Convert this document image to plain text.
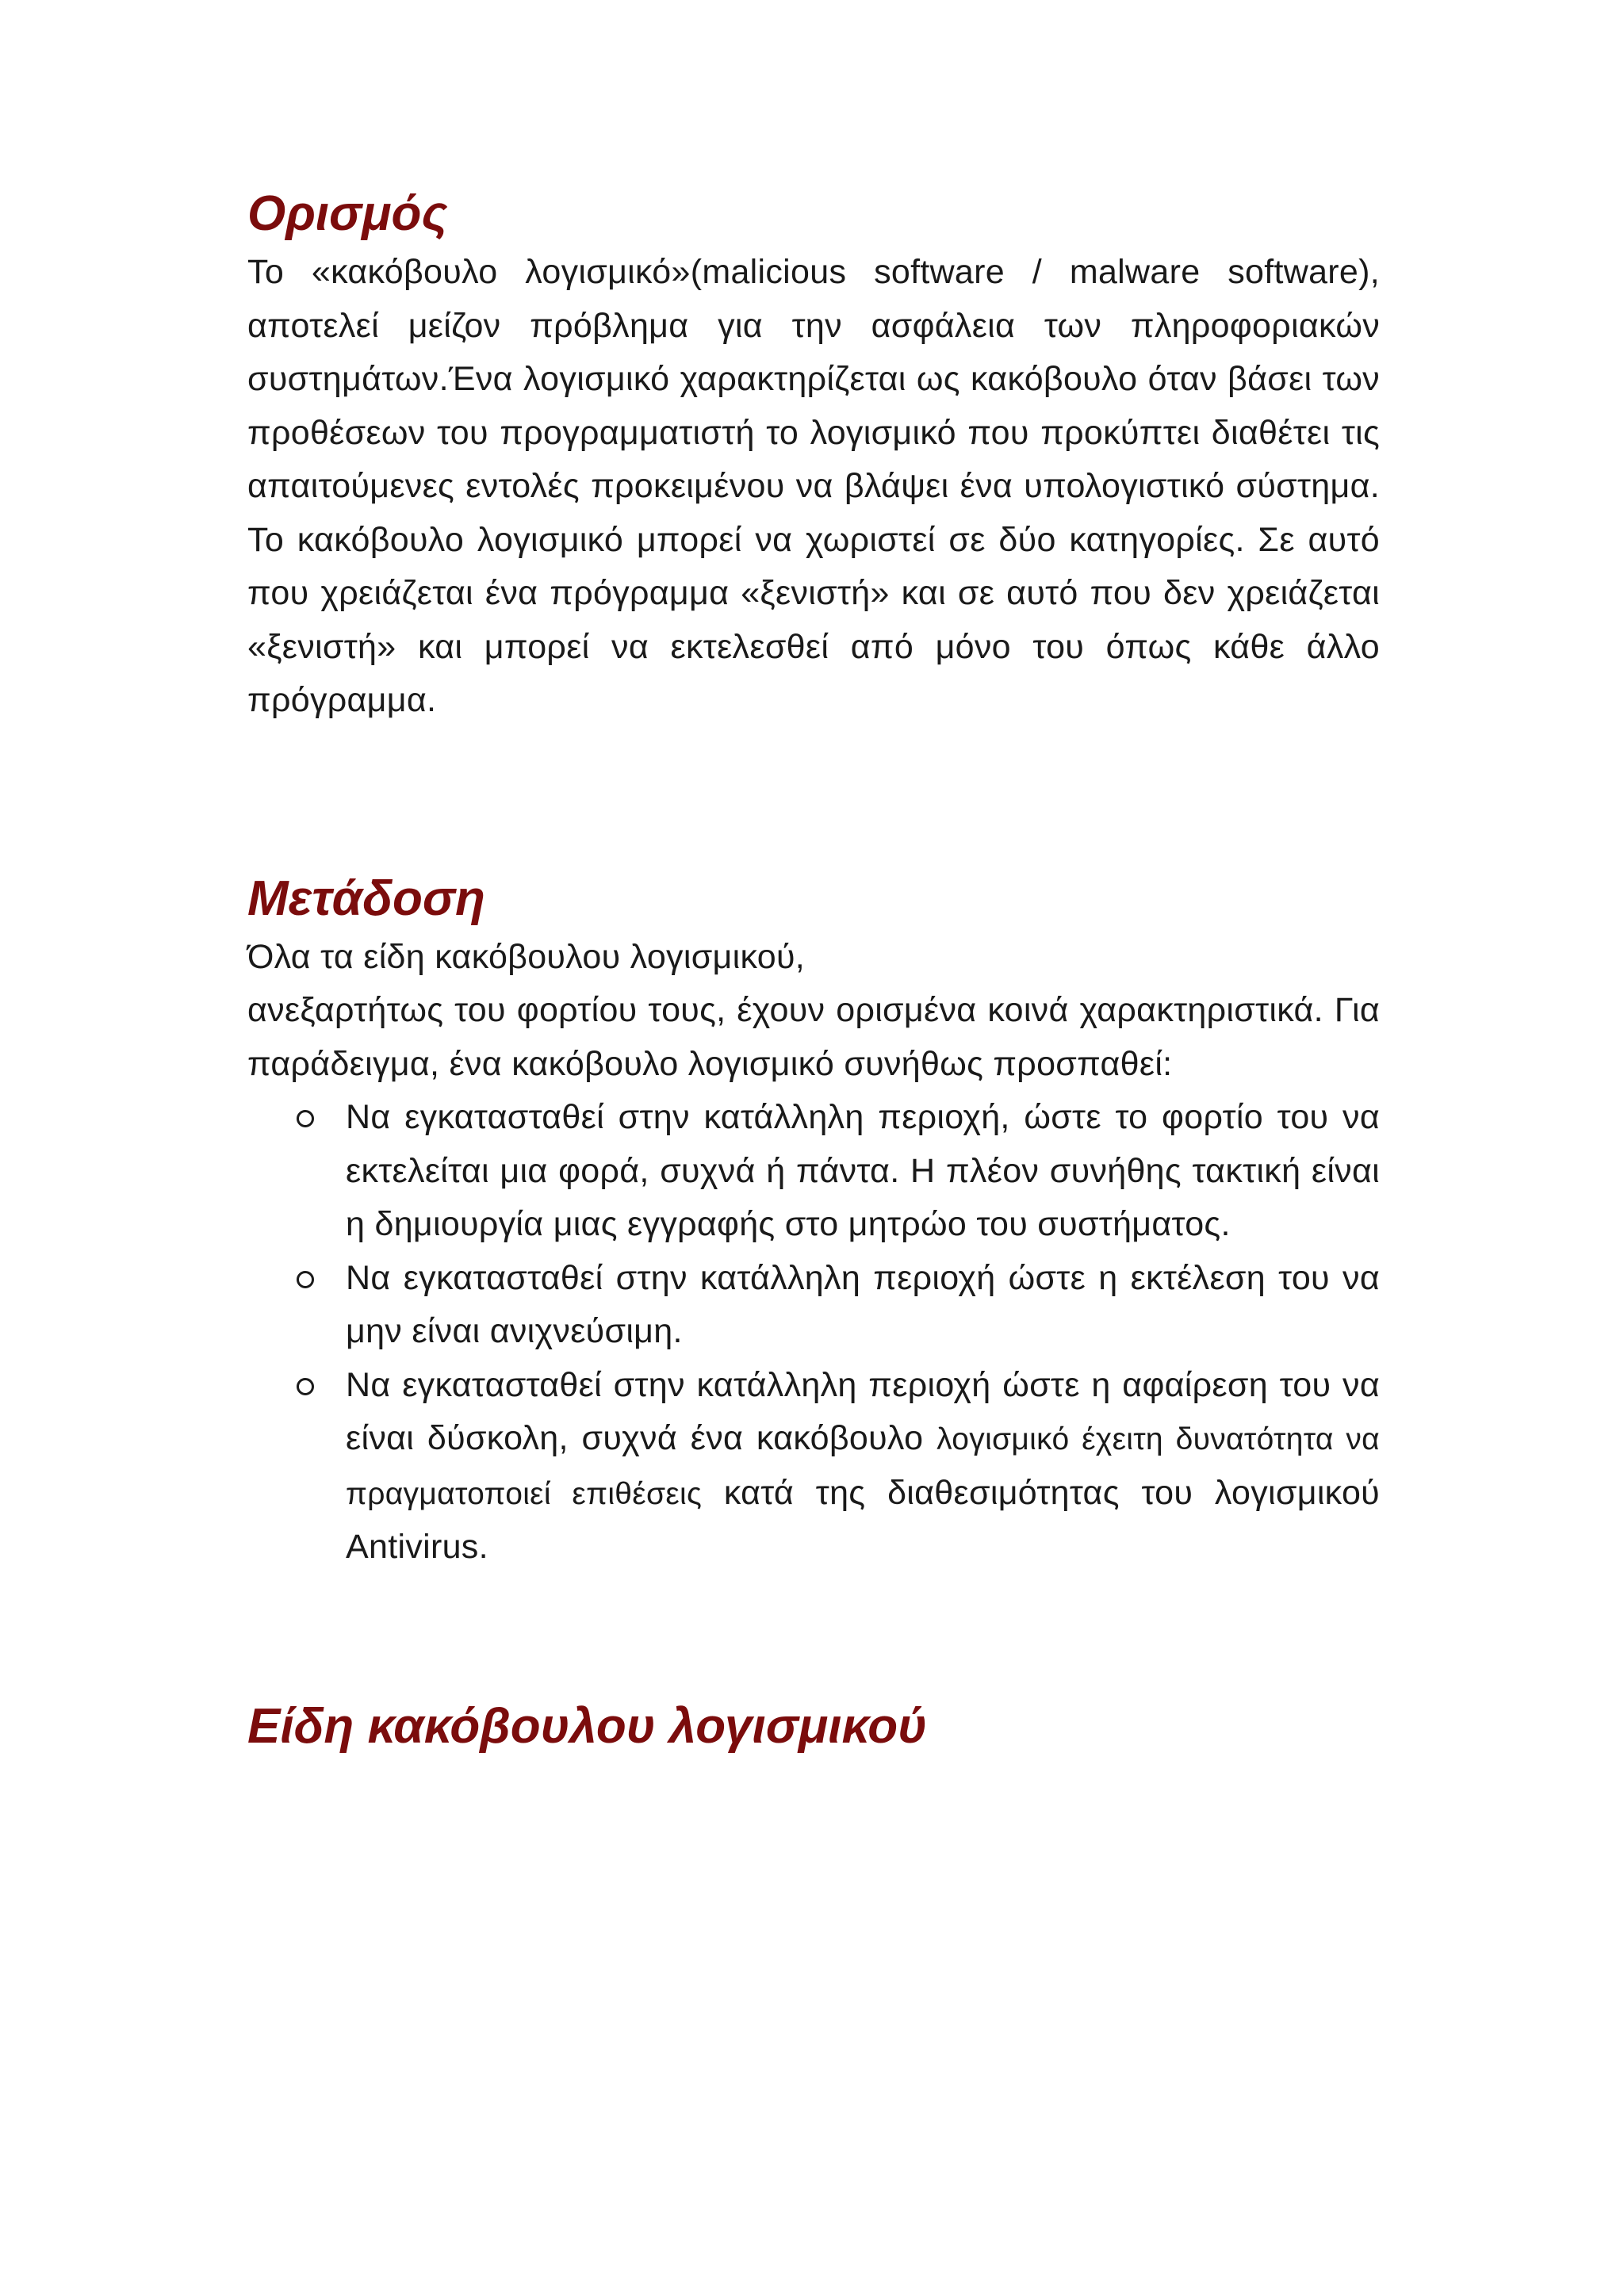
Ορισμός

Το «κακόβουλο λογισμικό»(malicious software / malware software), αποτελεί μείζον πρόβλημα για την ασφάλεια των πληροφοριακών συστημάτων.Ένα λογισμικό χαρακτηρίζεται ως κακόβουλο όταν βάσει των προθέσεων του προγραμματιστή το λογισμικό που προκύπτει διαθέτει τις απαιτούμενες εντολές προκειμένου να βλάψει ένα υπολογιστικό σύστημα. Το κακόβουλο λογισμικό μπορεί να χωριστεί σε δύο κατηγορίες. Σε αυτό που χρειάζεται ένα πρόγραμμα «ξενιστή» και σε αυτό που δεν χρειάζεται «ξενιστή» και μπορεί να εκτελεσθεί από μόνο του όπως κάθε άλλο πρόγραμμα.

Μετάδοση

Όλα τα είδη κακόβουλου λογισμικού,

ανεξαρτήτως του φορτίου τους, έχουν ορισμένα κοινά χαρακτηριστικά. Για παράδειγμα, ένα κακόβουλο λογισμικό συνήθως προσπαθεί:

Να εγκατασταθεί στην κατάλληλη περιοχή, ώστε το φορτίο του να εκτελείται μια φορά, συχνά ή πάντα. Η πλέον συνήθης τακτική είναι η δημιουργία μιας εγγραφής στο μητρώο του συστήματος.
Να εγκατασταθεί στην κατάλληλη περιοχή ώστε η εκτέλεση του να μην είναι ανιχνεύσιμη.
Να εγκατασταθεί στην κατάλληλη περιοχή ώστε η αφαίρεση του να είναι δύσκολη, συχνά ένα κακόβουλο λογισμικό έχειτη δυνατότητα να πραγματοποιεί επιθέσεις κατά της διαθεσιμότητας του λογισμικού Antivirus.
Είδη κακόβουλου λογισμικού
